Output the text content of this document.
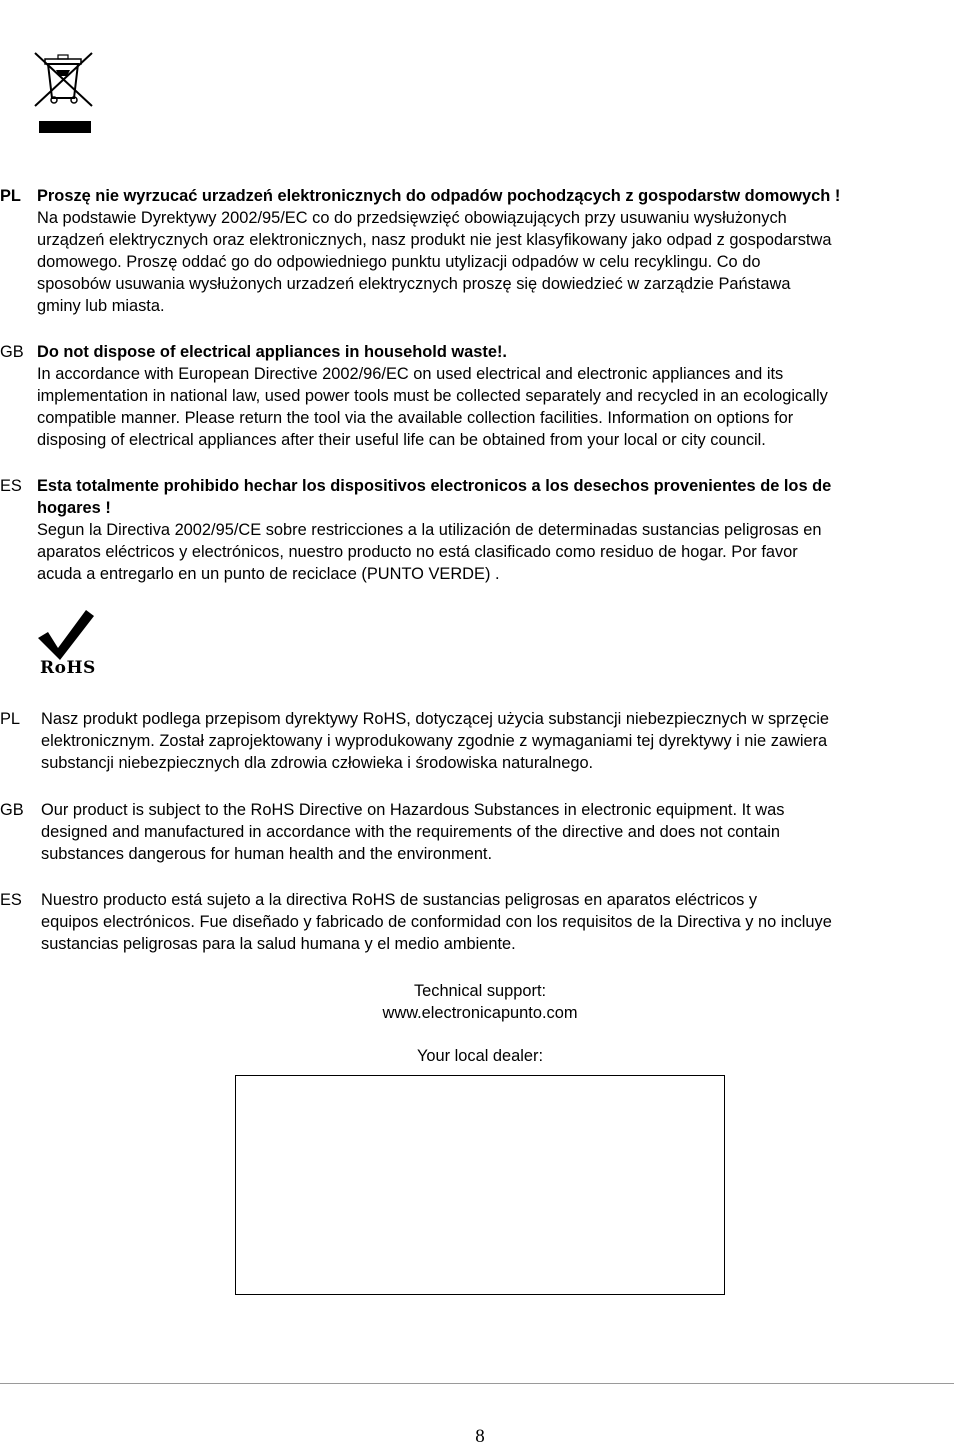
PL Proszę nie wyrzucać urzadzeń elektronicznych do odpadów pochodzących z gospodarstw domowych !

Na podstawie Dyrektywy 2002/95/EC co do przedsięwzięć obowiązujących przy usuwaniu wysłużonych

urządzeń elektrycznych oraz elektronicznych, nasz produkt nie jest klasyfikowany jako odpad z gospodarstwa

domowego. Proszę oddać go do odpowiedniego punktu utylizacji odpadów w celu recyklingu. Co do

sposobów usuwania wysłużonych urzadzeń elektrycznych proszę się dowiedzieć w zarządzie Państawa

gminy lub miasta.

GB Do not dispose of electrical appliances in household waste!.

In accordance with European Directive 2002/96/EC on used electrical and electronic appliances and its

implementation in national law, used power tools must be collected separately and recycled in an ecologically

compatible manner. Please return the tool via the available collection facilities. Information on options for

disposing of electrical appliances after their useful life can be obtained from your local or city council.

ES Esta totalmente prohibido hechar los dispositivos electronicos a los desechos provenientes de los de

hogares !

Segun la Directiva 2002/95/CE sobre restricciones a la utilización de determinadas sustancias peligrosas en

aparatos eléctricos y electrónicos, nuestro producto no está clasificado como residuo de hogar. Por favor

acuda a entregarlo en un punto de reciclace (PUNTO VERDE) .

RoHS
PL Nasz produkt podlega przepisom dyrektywy RoHS, dotyczącej użycia substancji niebezpiecznych w sprzęcie

elektronicznym. Został zaprojektowany i wyprodukowany zgodnie z wymaganiami tej dyrektywy i nie zawiera

substancji niebezpiecznych dla zdrowia człowieka i środowiska naturalnego.

GB Our product is subject to the RoHS Directive on Hazardous Substances in electronic equipment. It was

designed and manufactured in accordance with the requirements of the directive and does not contain

substances dangerous for human health and the environment.

ES Nuestro producto está sujeto a la directiva RoHS de sustancias peligrosas en aparatos eléctricos y

equipos electrónicos. Fue diseñado y fabricado de conformidad con los requisitos de la Directiva y no incluye

sustancias peligrosas para la salud humana y el medio ambiente.

Technical support:

www.electronicapunto.com

Your local dealer:
8
